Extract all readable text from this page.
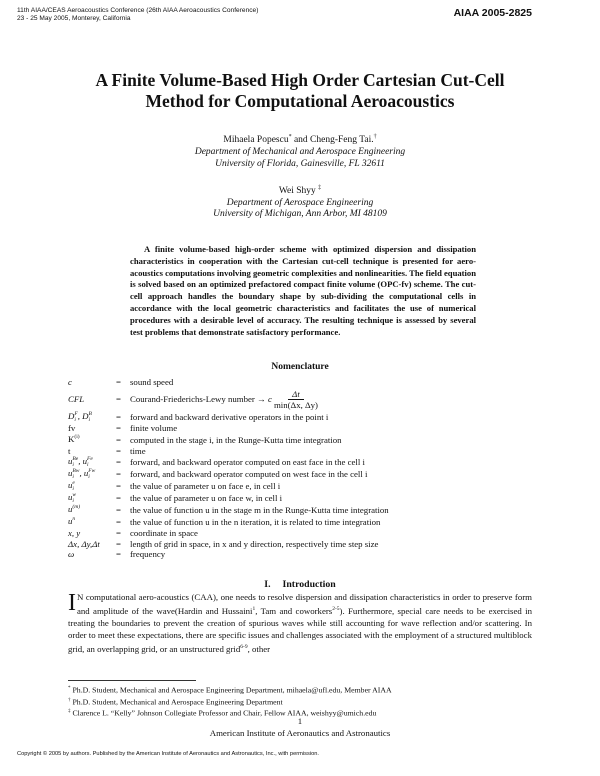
11th AIAA/CEAS Aeroacoustics Conference (26th AIAA Aeroacoustics Conference)
23 - 25 May 2005, Monterey, California	AIAA 2005-2825
A Finite Volume-Based High Order Cartesian Cut-Cell
Method for Computational Aeroacoustics
Mihaela Popescu* and Cheng-Feng Tai.†
Department of Mechanical and Aerospace Engineering
University of Florida, Gainesville, FL 32611
Wei Shyy ‡
Department of Aerospace Engineering
University of Michigan, Ann Arbor, MI 48109
A finite volume-based high-order scheme with optimized dispersion and dissipation characteristics in cooperation with the Cartesian cut-cell technique is presented for aero-acoustics computations involving geometric complexities and nonlinearities. The field equation is solved based on an optimized prefactored compact finite volume (OPC-fv) scheme. The cut-cell approach handles the boundary shape by sub-dividing the computational cells in accordance with the local geometric characteristics and facilitates the use of numerical procedures with a desirable level of accuracy. The resulting technique is assessed by several test problems that demonstrate satisfactory performance.
Nomenclature
c	=	sound speed
CFL	=	Courand-Friederichs-Lewy number → c $\frac{\Delta t}{\min(\Delta x, \Delta y)}$
D F
i , D B
i	=	forward and backward derivative operators in the point i
fv	=	finite volume
K (i)
	=	computed in the stage i, in the Runge-Kutta time integration
t	=	time
u Be
i , u Fe
i	=	forward, and backward operator computed on east face in the cell i
u Bw
i , u Fw
i	=	forward, and backward operator computed on west face in the cell i
u e
i	=	the value of parameter u on face e, in cell i
u w
i	=	the value of parameter u on face w, in cell i
u (m)
	=	the value of function u in the stage m in the Runge-Kutta time integration
u n
	=	the value of function u in the n iteration, it is related to time integration
x, y	=	coordinate in space
Δx, Δy,Δt	=	length of grid in space, in x and y direction, respectively time step size
ω	=	frequency
I. Introduction
I N computational aero-acoustics (CAA), one needs to resolve dispersion and dissipation characteristics in order to preserve form and amplitude of the wave(Hardin and Hussaini$^1$, Tam and coworkers$^{2-5}$). Furthermore, special care needs to be exercised in treating the boundaries to prevent the creation of spurious waves while still accounting for wave reflection and/or scattering. In order to meet these expectations, there are specific issues and challenges associated with the employment of a structured multiblock grid, an overlapping grid, or an unstructured grid$^{6-9}$, other
* Ph.D. Student, Mechanical and Aerospace Engineering Department, mihaela@ufl.edu, Member AIAA
† Ph.D. Student, Mechanical and Aerospace Engineering Department
‡ Clarence L. “Kelly” Johnson Collegiate Professor and Chair, Fellow AIAA, weishyy@umich.edu
1
American Institute of Aeronautics and Astronautics
Copyright © 2005 by authors. Published by the American Institute of Aeronautics and Astronautics, Inc., with permission.
